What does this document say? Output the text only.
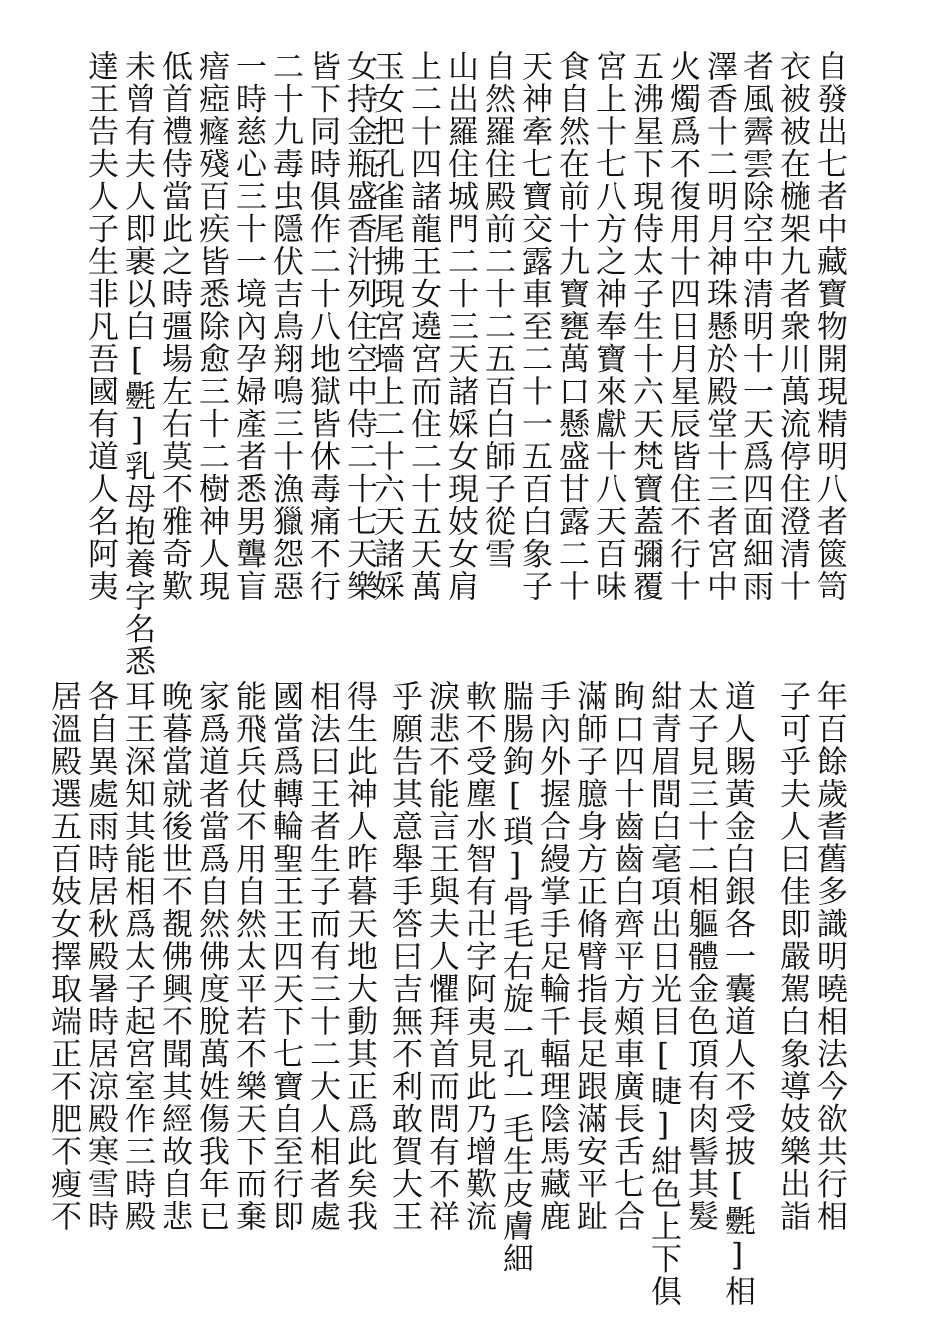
自發出七者中藏寶物開現精明八者篋笥
衣被被在椸架九者衆川萬流停住澄清十
者風霽雲除空中清明十一天爲四面細雨
澤香十二明月神珠懸於殿堂十三者宮中
火燭爲不復用十四日月星辰皆住不行十
五沸星下現侍太子生十六天梵寶蓋彌覆
宮上十七八方之神奉寶來獻十八天百味
食自然在前十九寶甕萬口懸盛甘露二十
天神牽七寶交露車至二十一五百白象子
自然羅住殿前二十二五百白師子從雪
山出羅住城門二十三天諸婇女現妓女肩
上二十四諸龍王女遶宮而住二十五天萬
玉女把孔雀尾拂現宮墻上二十六天諸婇
女持金瓶盛香汁列住空中侍二十七天樂
皆下同時俱作二十八地獄皆休毒痛不行
二十九毒虫隱伏吉鳥翔鳴三十漁獵怨惡
一時慈心三十一境內孕婦產者悉男聾盲
瘖瘂癃殘百疾皆悉除愈三十二樹神人現
低首禮侍當此之時彊場左右莫不雅奇歎
未曾有夫人即裹以白[氎]乳母抱養字名悉
達王告夫人子生非凡吾國有道人名阿夷
年百餘歲耆舊多識明曉相法今欲共行相
子可乎夫人曰佳即嚴駕白象導妓樂出詣
道人賜黃金白銀各一囊道人不受披[氎]相
太子見三十二相軀體金色頂有肉髻其髮
紺青眉間白毫項出日光目[睫]紺色上下俱
眴口四十齒齒白齊平方頰車廣長舌七合
滿師子臆身方正脩臂指長足跟滿安平趾
手內外握合縵掌手足輪千輻理陰馬藏鹿
腨腸鉤[瑣]骨毛右旋一孔一毛生皮膚細
軟不受塵水智有卍字阿夷見此乃增歎流
淚悲不能言王與夫人懼拜首而問有不祥
乎願告其意舉手答曰吉無不利敢賀大王
得生此神人昨暮天地大動其正爲此矣我
相法曰王者生子而有三十二大人相者處
國當爲轉輪聖王王四天下七寶自至行即
能飛兵仗不用自然太平若不樂天下而棄
家爲道者當爲自然佛度脫萬姓傷我年已
晚暮當就後世不覩佛興不聞其經故自悲
耳王深知其能相爲太子起宮室作三時殿
各自異處雨時居秋殿暑時居涼殿寒雪時
居溫殿選五百妓女擇取端正不肥不瘦不
